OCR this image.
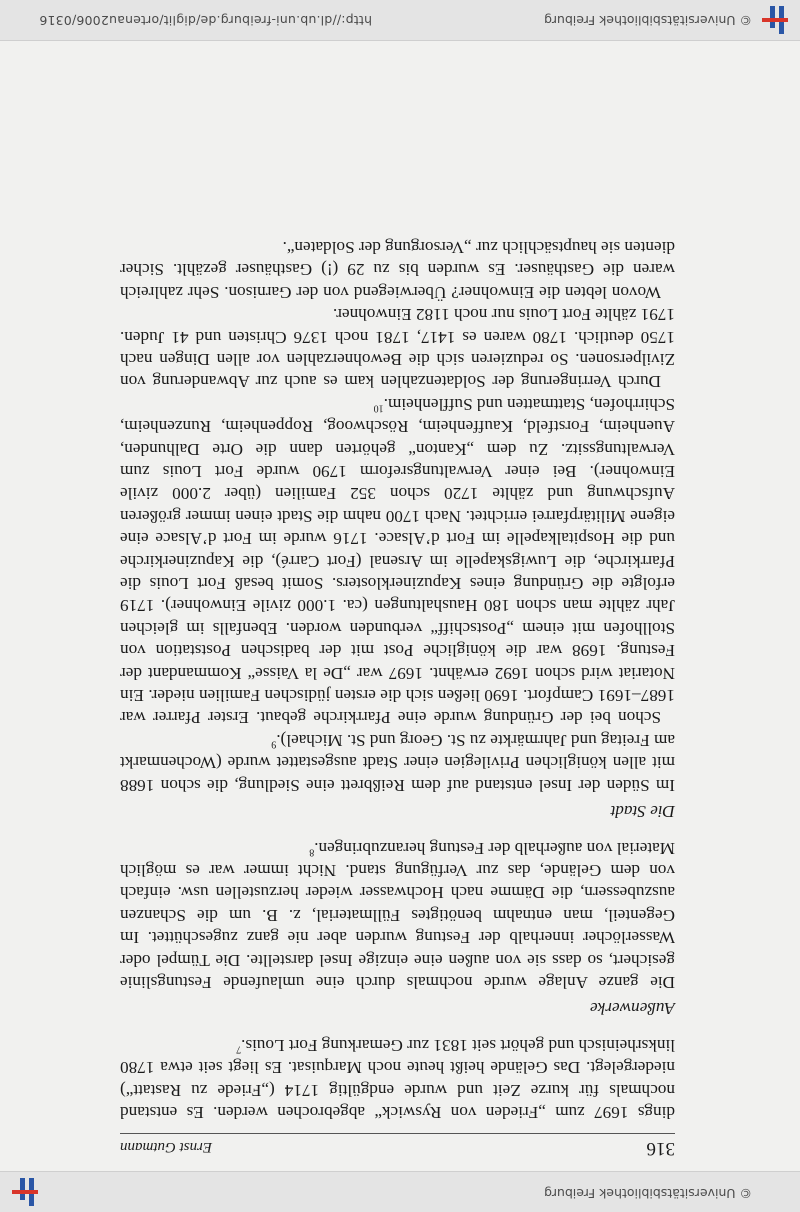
© Universitätsbibliothek Freiburg
316
Ernst Gutmann

dings 1697 zum „Frieden von Ryswick“ abgebrochen werden. Es entstand nochmals für kurze Zeit und wurde endgültig 1714 („Friede zu Rastatt“) niedergelegt. Das Gelände heißt heute noch Marquisat. Es liegt seit etwa 1780 linksrheinisch und gehört seit 1831 zur Gemarkung Fort Louis.$^7$

Außenwerke

Die ganze Anlage wurde nochmals durch eine umlaufende Festungslinie gesichert, so dass sie von außen eine einzige Insel darstellte. Die Tümpel oder Wasserlöcher innerhalb der Festung wurden aber nie ganz zugeschüttet. Im Gegenteil, man entnahm benötigtes Füllmaterial, z. B. um die Schanzen auszubessern, die Dämme nach Hochwasser wieder herzustellen usw. einfach von dem Gelände, das zur Verfügung stand. Nicht immer war es möglich Material von außerhalb der Festung heranzubringen.$^8$

Die Stadt

Im Süden der Insel entstand auf dem Reißbrett eine Siedlung, die schon 1688 mit allen königlichen Privilegien einer Stadt ausgestattet wurde (Wochenmarkt am Freitag und Jahrmärkte zu St. Georg und St. Michael).$^9$

Schon bei der Gründung wurde eine Pfarrkirche gebaut. Erster Pfarrer war 1687–1691 Campfort. 1690 ließen sich die ersten jüdischen Familien nieder. Ein Notariat wird schon 1692 erwähnt. 1697 war „De la Vaisse“ Kommandant der Festung. 1698 war die königliche Post mit der badischen Poststation von Stollhofen mit einem „Postschiff“ verbunden worden. Ebenfalls im gleichen Jahr zählte man schon 180 Haushaltungen (ca. 1.000 zivile Einwohner). 1719 erfolgte die Gründung eines Kapuzinerklosters. Somit besaß Fort Louis die Pfarrkirche, die Luwigskapelle im Arsenal (Fort Carré), die Kapuzinerkirche und die Hospitalkapelle im Fort d’Alsace. 1716 wurde im Fort d’Alsace eine eigene Militärpfarrei errichtet. Nach 1700 nahm die Stadt einen immer größeren Aufschwung und zählte 1720 schon 352 Familien (über 2.000 zivile Einwohner). Bei einer Verwaltungsreform 1790 wurde Fort Louis zum Verwaltungssitz. Zu dem „Kanton“ gehörten dann die Orte Dalhunden, Auenheim, Forstfeld, Kauffenheim, Röschwoog, Roppenheim, Runzenheim, Schirrhofen, Stattmatten und Sufflenheim.$^{10}$

Durch Verringerung der Soldatenzahlen kam es auch zur Abwanderung von Zivilpersonen. So reduzieren sich die Bewohnerzahlen vor allen Dingen nach 1750 deutlich. 1780 waren es 1417, 1781 noch 1376 Christen und 41 Juden. 1791 zählte Fort Louis nur noch 1182 Einwohner.

Wovon lebten die Einwohner? Überwiegend von der Garnison. Sehr zahlreich waren die Gasthäuser. Es wurden bis zu 29 (!) Gasthäuser gezählt. Sicher dienten sie hauptsächlich zur „Versorgung der Soldaten“.

http://dl.ub.uni-freiburg.de/diglit/ortenau2006/0316	© Universitätsbibliothek Freiburg
